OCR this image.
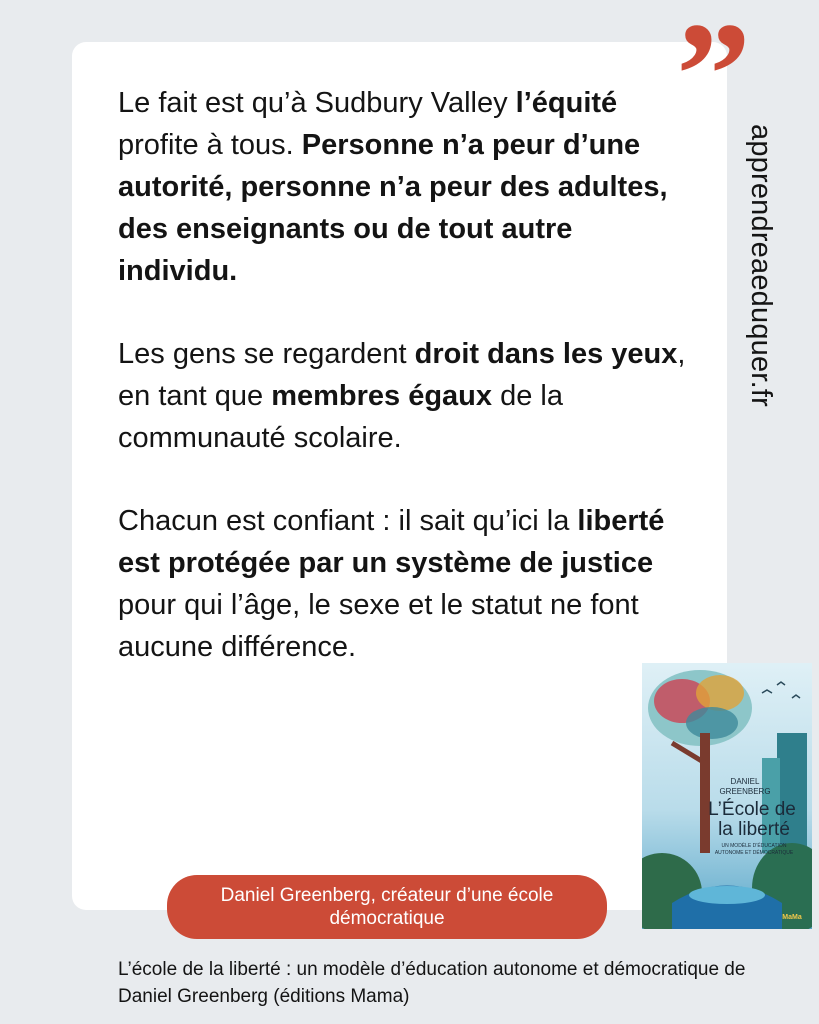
”

Le fait est qu’à Sudbury Valley l’équité profite à tous. Personne n’a peur d’une autorité, personne n’a peur des adultes, des enseignants ou de tout autre individu.

Les gens se regardent droit dans les yeux, en tant que membres égaux de la communauté scolaire.

Chacun est confiant : il sait qu’ici la liberté est protégée par un système de justice pour qui l’âge, le sexe et le statut ne font aucune différence.

apprendreaeduquer.fr
DANIEL
GREENBERG
L’École de
la liberté
UN MODÈLE D’ÉDUCATION
AUTONOME ET DÉMOCRATIQUE
MaMa
Daniel Greenberg, créateur d’une école démocratique
L’école de la liberté : un modèle d’éducation autonome et démocratique de Daniel Greenberg (éditions Mama)
